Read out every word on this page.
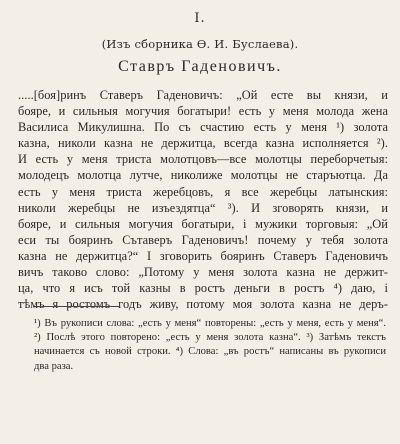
I.
(Изъ сборника Ѳ. И. Буслаева).
Ставръ Гаденовичъ.
.....[боя]ринъ Ставеръ Гаденовичъ: „Ой есте вы князи, и
бояре, и сильныя могучия богатыри! есть у меня молода жена
Василиса Микулишна. По съ счастию есть у меня ¹) золота
казна, николи казна не держитца, всегда казна исполняется ²).
И есть у меня триста молотцовъ—все молотцы переборчетыя:
молодецъ молотца лутче, николиже молотцы не старъютца. Да
есть у меня триста жеребцовъ, я все жеребцы латынския:
николи жеребцы не изъездятца“ ³). И зговорять князи, и
бояре, и сильныя могучия богатыри, і мужики торговыя: „Ой
еси ты бояринъ Сътаверъ Гаденовичъ! почему у тебя золота
казна не держитца?“ І зговорить бояринъ Ставеръ Гаденовичъ
вичъ таково слово: „Потому у меня золота казна не держит-
ца, что я исъ той казны в ростъ деньги в ростъ ⁴) даю, і
тѣмъ я ростомъ годъ живу, потому моя золота казна не деръ-
¹) Въ рукописи слова: „есть у меня“ повторены: „есть у меня, есть у меня“.
²) Послѣ этого повторено: „есть у меня золота казна“. ³) Затѣмъ текстъ
начинается съ новой строки. ⁴) Слова: „въ ростъ“ написаны въ рукописи
два раза.
